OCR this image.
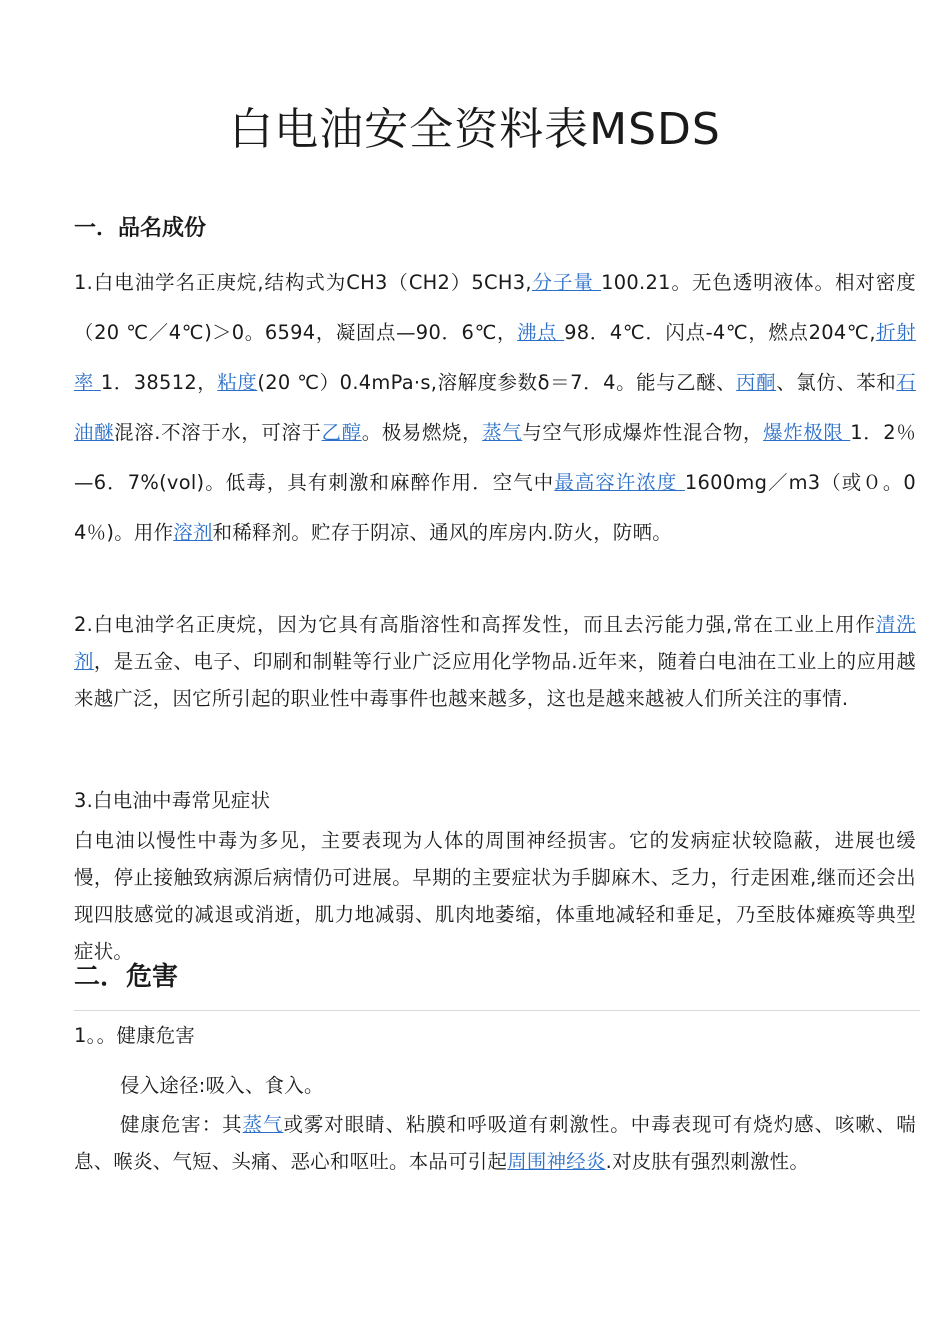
白电油安全资料表MSDS
一．品名成份
1.白电油学名正庚烷,结构式为CH3（CH2）5CH3,分子量 100.21。无色透明液体。相对密度（20 ℃／4℃)＞0。6594，凝固点—90．6℃，沸点 98．4℃．闪点-4℃，燃点204℃,折射率 1．38512，粘度(20 ℃）0.4mPa·s,溶解度参数δ＝7．4。能与乙醚、丙酮、氯仿、苯和石油醚混溶.不溶于水，可溶于乙醇。极易燃烧，蒸气与空气形成爆炸性混合物，爆炸极限 1．2％—6．7%(vol)。低毒，具有刺激和麻醉作用．空气中最高容许浓度 1600mg／m3（或０。04％)。用作溶剂和稀释剂。贮存于阴凉、通风的库房内.防火，防晒。
2.白电油学名正庚烷，因为它具有高脂溶性和高挥发性，而且去污能力强,常在工业上用作清洗剂，是五金、电子、印刷和制鞋等行业广泛应用化学物品.近年来，随着白电油在工业上的应用越来越广泛，因它所引起的职业性中毒事件也越来越多，这也是越来越被人们所关注的事情.
3.白电油中毒常见症状
白电油以慢性中毒为多见，主要表现为人体的周围神经损害。它的发病症状较隐蔽，进展也缓慢，停止接触致病源后病情仍可进展。早期的主要症状为手脚麻木、乏力，行走困难,继而还会出现四肢感觉的减退或消逝，肌力地减弱、肌肉地萎缩，体重地减轻和垂足，乃至肢体瘫痪等典型症状。
二．危害
1。。健康危害
侵入途径:吸入、食入。
健康危害：其蒸气或雾对眼睛、粘膜和呼吸道有刺激性。中毒表现可有烧灼感、咳嗽、喘息、喉炎、气短、头痛、恶心和呕吐。本品可引起周围神经炎.对皮肤有强烈刺激性。
